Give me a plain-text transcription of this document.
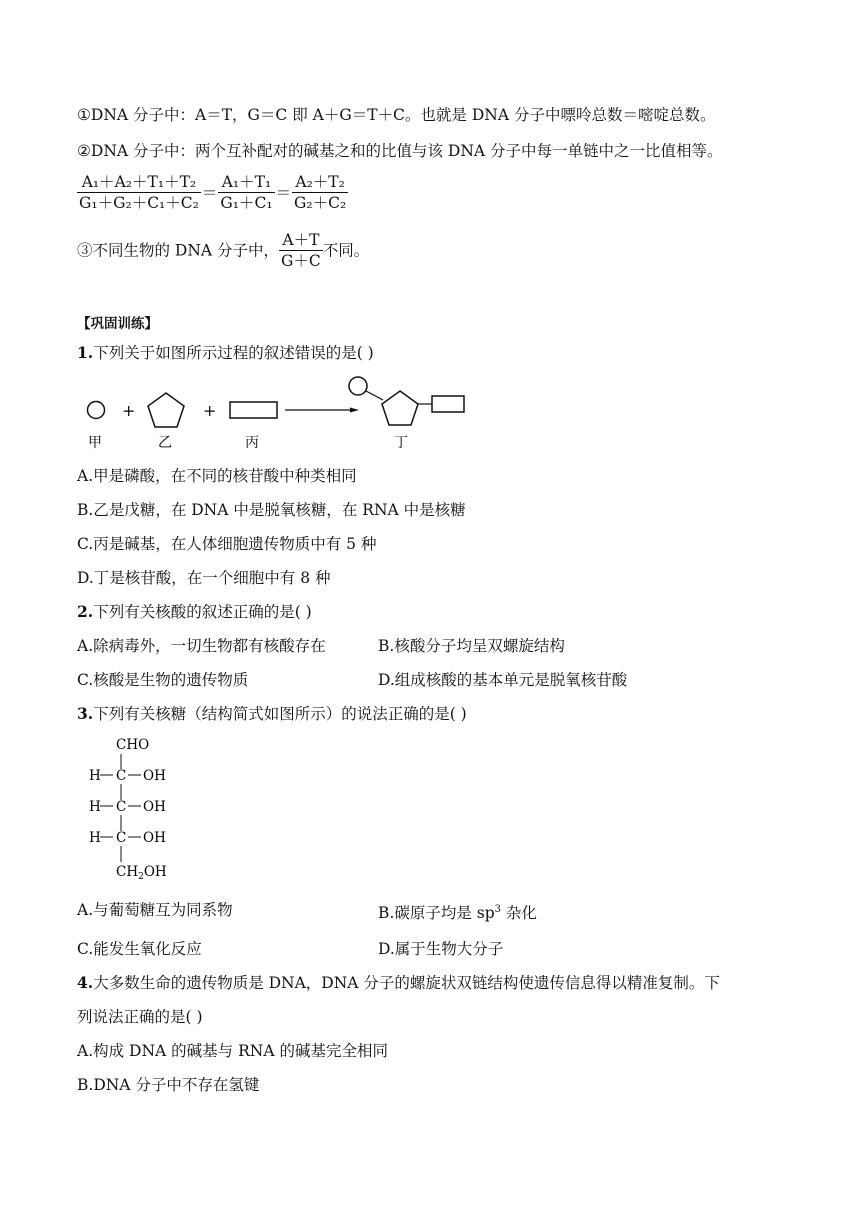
①DNA 分子中：A＝T，G＝C 即 A＋G＝T＋C。也就是 DNA 分子中嘌呤总数＝嘧啶总数。
②DNA 分子中：两个互补配对的碱基之和的比值与该 DNA 分子中每一单链中之一比值相等。
$\frac{\text{A₁＋A₂＋T₁＋T₂}}{\text{G₁＋G₂＋C₁＋C₂}} = \frac{\text{A₁＋T₁}}{\text{G₁＋C₁}} = \frac{\text{A₂＋T₂}}{\text{G₂＋C₂}}$
③不同生物的 DNA 分子中， $\frac{A+T}{G+C}$ 不同。
【巩固训练】
1.下列关于如图所示过程的叙述错误的是( )
+	+
甲	乙	丙	丁
A.甲是磷酸，在不同的核苷酸中种类相同
B.乙是戊糖，在 DNA 中是脱氧核糖，在 RNA 中是核糖
C.丙是碱基，在人体细胞遗传物质中有 5 种
D.丁是核苷酸，在一个细胞中有 8 种
2.下列有关核酸的叙述正确的是( )
A.除病毒外，一切生物都有核酸存在	B.核酸分子均呈双螺旋结构
C.核酸是生物的遗传物质	D.组成核酸的基本单元是脱氧核苷酸
3.下列有关核糖（结构简式如图所示）的说法正确的是( )
CHO
H C OH
H C OH
H C OH
$CH_2OH$
A.与葡萄糖互为同系物	B.碳原子均是 $sp^3$ 杂化
C.能发生氧化反应	D.属于生物大分子
4.大多数生命的遗传物质是 DNA，DNA 分子的螺旋状双链结构使遗传信息得以精准复制。下
列说法正确的是( )
A.构成 DNA 的碱基与 RNA 的碱基完全相同
B.DNA 分子中不存在氢键
